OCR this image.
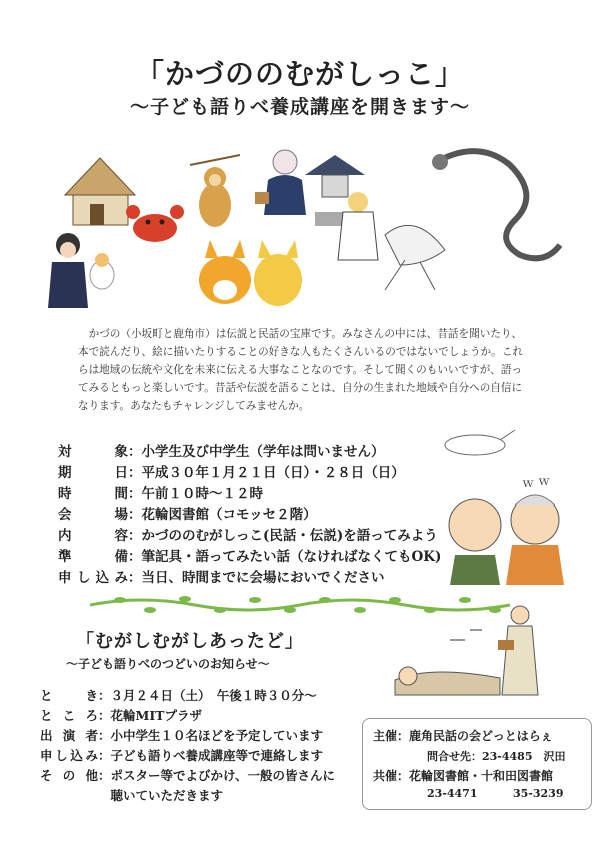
「かづののむがしっこ」
～子ども語りべ養成講座を開きます～
かづの（小坂町と鹿角市）は伝説と民話の宝庫です。みなさんの中には、昔話を聞いたり、本で読んだり、絵に描いたりすることの好きな人もたくさんいるのではないでしょうか。これらは地域の伝統や文化を未来に伝える大事なことなのです。そして聞くのもいいですが、語ってみるともっと楽しいです。昔話や伝説を語ることは、自分の生まれた地域や自分への自信になります。あなたもチャレンジしてみませんか。
対　象：小学生及び中学生（学年は問いません）
期　日：平成３０年１月２１日（日）・２８日（日）
時　間：午前１０時～１２時
会　場：花輪図書館（コモッセ２階）
内　容：かづののむがしっこ(民話・伝説)を語ってみよう
準　備：筆記具・語ってみたい話（なければなくてもOK)
申し込み：当日、時間までに会場においでください
ｗ ｗ
「むがしむがしあったど」
～子ども語りべのつどいのお知らせ～
と　き：３月２４日（土）　午後１時３０分～
ところ：花輪MITプラザ
出演者：小中学生１０名ほどを予定しています
申し込み：子ども語りべ養成講座等で連絡します
その他：ポスター等でよびかけ、一般の皆さんに
　聴いていただきます
主催：鹿角民話の会どっとはらぇ
問合せ先：23-4485　沢田
共催：花輪図書館・十和田図書館
23-4471	35-3239
